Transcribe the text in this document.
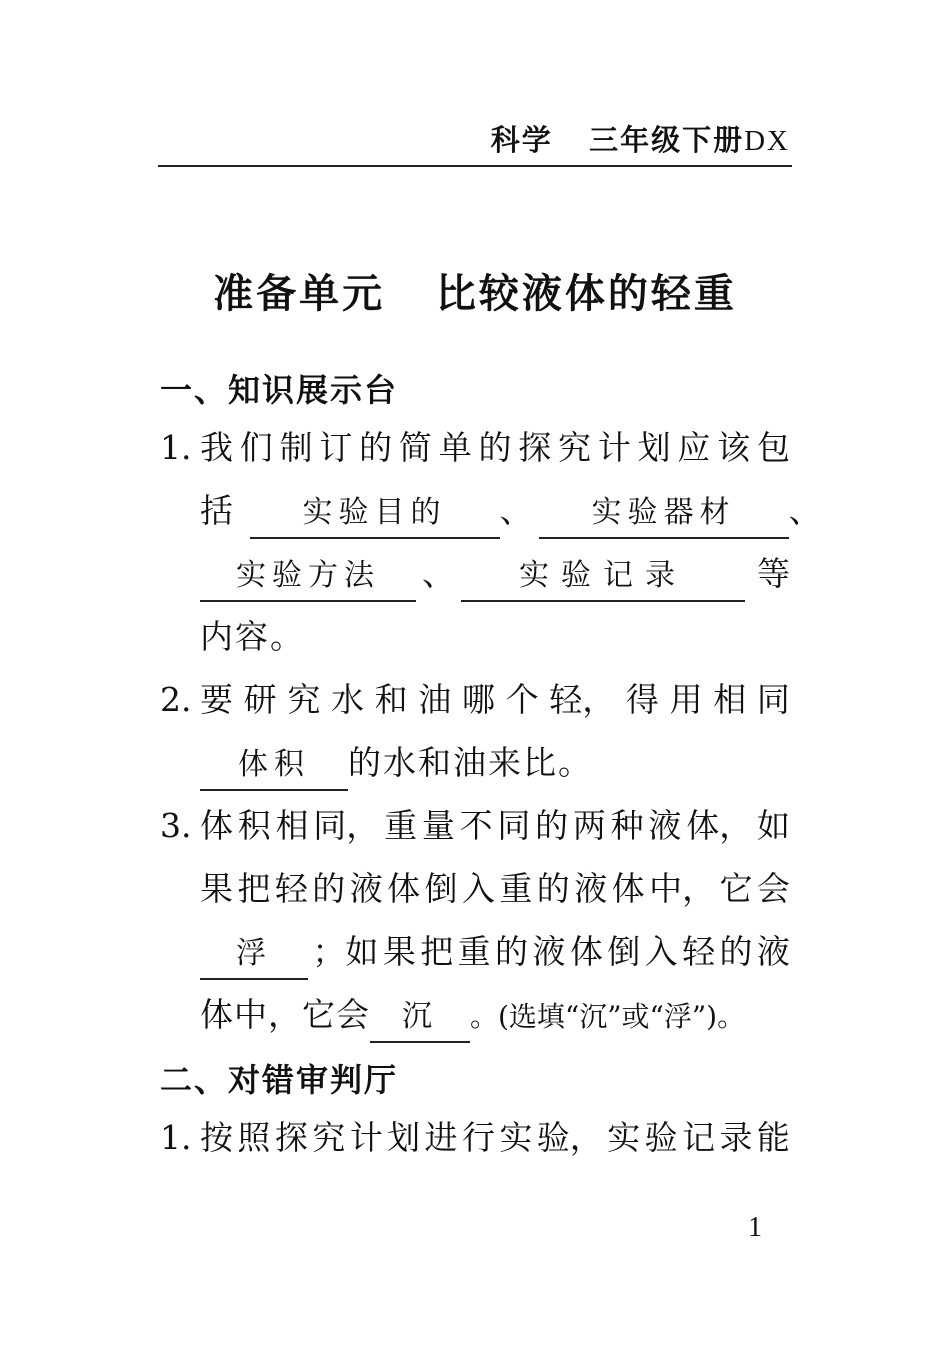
科学 三年级下册DX
准备单元 比较液体的轻重
一、知识展示台
1. 我 们 制 订 的 简 单 的 探 究 计 划 应 该 包
括 实验目的 、 实验器材 、
实验方法 、 实验记录 等
内容。
2. 要 研 究 水 和 油 哪 个 轻， 得 用 相 同
体积 的水和油来比。
3. 体 积 相 同， 重 量 不 同 的 两 种 液 体， 如
果 把 轻 的 液 体 倒 入 重 的 液 体 中， 它 会
浮	；如 果 把 重 的 液 体 倒 入 轻 的 液
体中，它会	沉	。(选填“沉”或“浮”)。
二、对错审判厅
1. 按 照 探 究 计 划 进 行 实 验， 实 验 记 录 能
1
